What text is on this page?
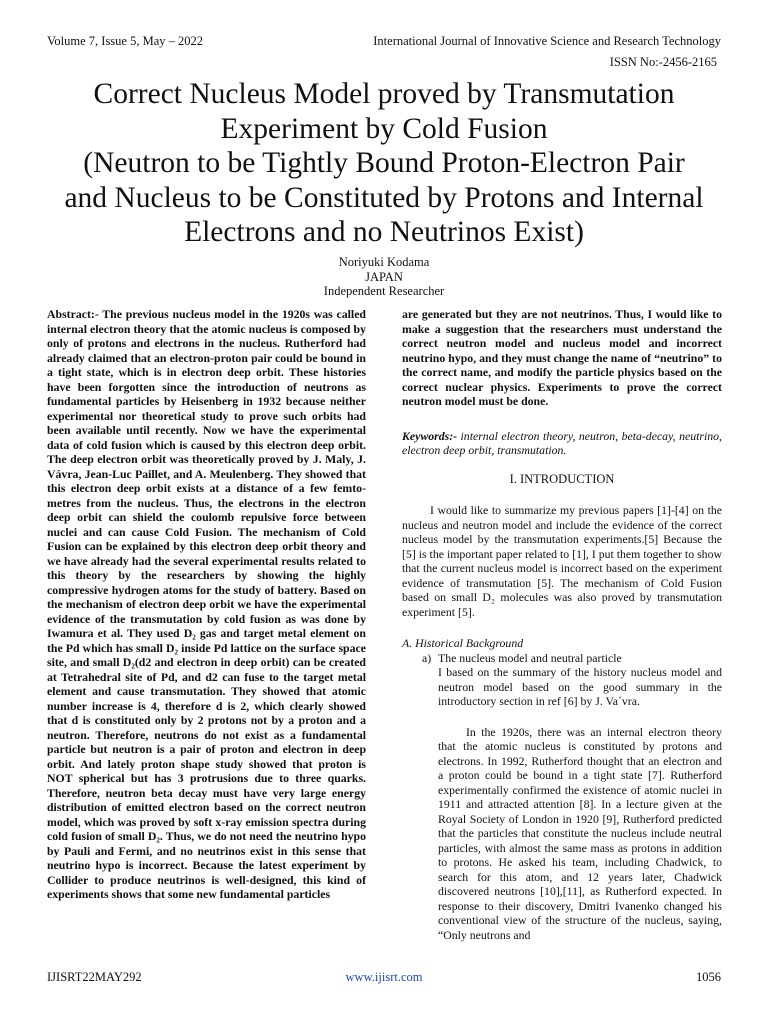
Volume 7, Issue 5, May – 2022	International Journal of Innovative Science and Research Technology
ISSN No:-2456-2165
Correct Nucleus Model proved by Transmutation
Experiment by Cold Fusion
(Neutron to be Tightly Bound Proton-Electron Pair
and Nucleus to be Constituted by Protons and Internal
Electrons and no Neutrinos Exist)
Noriyuki Kodama
JAPAN
Independent Researcher

Abstract:- The previous nucleus model in the 1920s was called internal electron theory that the atomic nucleus is composed by only of protons and electrons in the nucleus. Rutherford had already claimed that an electron-proton pair could be bound in a tight state, which is in electron deep orbit. These histories have been forgotten since the introduction of neutrons as fundamental particles by Heisenberg in 1932 because neither experimental nor theoretical study to prove such orbits had been available until recently. Now we have the experimental data of cold fusion which is caused by this electron deep orbit. The deep electron orbit was theoretically proved by J. Maly, J. Vávra, Jean-Luc Paillet, and A. Meulenberg. They showed that this electron deep orbit exists at a distance of a few femto-metres from the nucleus. Thus, the electrons in the electron deep orbit can shield the coulomb repulsive force between nuclei and can cause Cold Fusion. The mechanism of Cold Fusion can be explained by this electron deep orbit theory and we have already had the several experimental results related to this theory by the researchers by showing the highly compressive hydrogen atoms for the study of battery. Based on the mechanism of electron deep orbit we have the experimental evidence of the transmutation by cold fusion as was done by Iwamura et al. They used D₂ gas and target metal element on the Pd which has small D₂ inside Pd lattice on the surface space site, and small D₂(d2 and electron in deep orbit) can be created at Tetrahedral site of Pd, and d2 can fuse to the target metal element and cause transmutation. They showed that atomic number increase is 4, therefore d is 2, which clearly showed that d is constituted only by 2 protons not by a proton and a neutron. Therefore, neutrons do not exist as a fundamental particle but neutron is a pair of proton and electron in deep orbit. And lately proton shape study showed that proton is NOT spherical but has 3 protrusions due to three quarks. Therefore, neutron beta decay must have very large energy distribution of emitted electron based on the correct neutron model, which was proved by soft x-ray emission spectra during cold fusion of small D₂. Thus, we do not need the neutrino hypo by Pauli and Fermi, and no neutrinos exist in this sense that neutrino hypo is incorrect. Because the latest experiment by Collider to produce neutrinos is well-designed, this kind of experiments shows that some new fundamental particles

are generated but they are not neutrinos. Thus, I would like to make a suggestion that the researchers must understand the correct neutron model and nucleus model and incorrect neutrino hypo, and they must change the name of “neutrino” to the correct name, and modify the particle physics based on the correct nuclear physics. Experiments to prove the correct neutron model must be done.

Keywords:- internal electron theory, neutron, beta-decay, neutrino, electron deep orbit, transmutation.

I. INTRODUCTION

I would like to summarize my previous papers [1]-[4] on the nucleus and neutron model and include the evidence of the correct nucleus model by the transmutation experiments.[5] Because the [5] is the important paper related to [1], I put them together to show that the current nucleus model is incorrect based on the experiment evidence of transmutation [5]. The mechanism of Cold Fusion based on small D₂ molecules was also proved by transmutation experiment [5].

A. Historical Background

a) The nucleus model and neutral particle

I based on the summary of the history nucleus model and neutron model based on the good summary in the introductory section in ref [6] by J. Va´vra.

In the 1920s, there was an internal electron theory that the atomic nucleus is constituted by protons and electrons. In 1992, Rutherford thought that an electron and a proton could be bound in a tight state [7]. Rutherford experimentally confirmed the existence of atomic nuclei in 1911 and attracted attention [8]. In a lecture given at the Royal Society of London in 1920 [9], Rutherford predicted that the particles that constitute the nucleus include neutral particles, with almost the same mass as protons in addition to protons. He asked his team, including Chadwick, to search for this atom, and 12 years later, Chadwick discovered neutrons [10],[11], as Rutherford expected. In response to their discovery, Dmitri Ivanenko changed his conventional view of the structure of the nucleus, saying, “Only neutrons and

IJISRT22MAY292	www.ijisrt.com	1056
